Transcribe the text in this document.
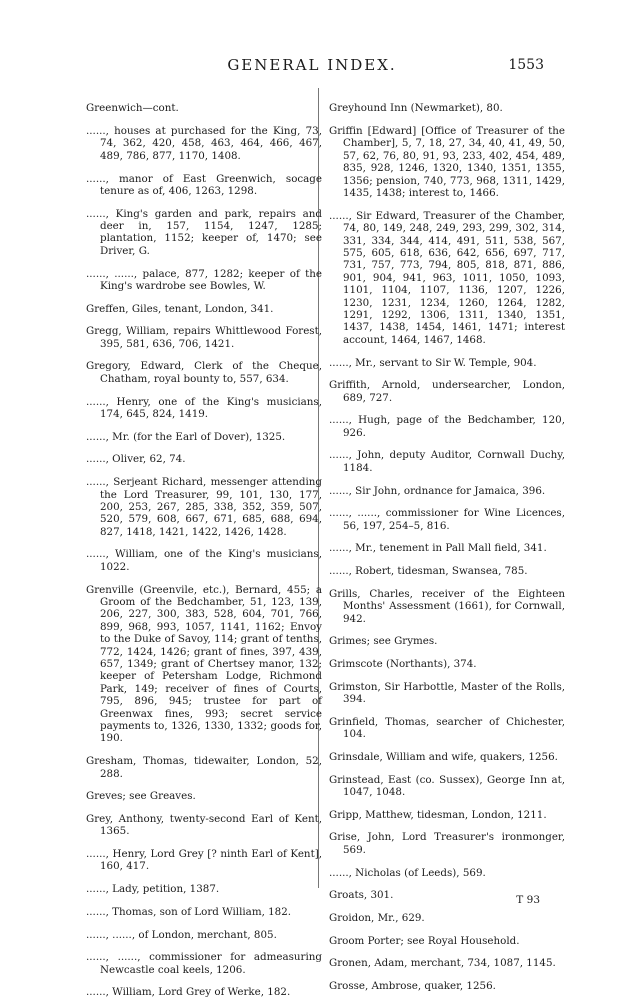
GENERAL INDEX.	1553

Greenwich—cont.

......, houses at purchased for the King, 73, 74, 362, 420, 458, 463, 464, 466, 467, 489, 786, 877, 1170, 1408.

......, manor of East Greenwich, socage tenure as of, 406, 1263, 1298.

......, King's garden and park, repairs and deer in, 157, 1154, 1247, 1285; plantation, 1152; keeper of, 1470; see Driver, G.

......, ......, palace, 877, 1282; keeper of the King's wardrobe see Bowles, W.

Greffen, Giles, tenant, London, 341.

Gregg, William, repairs Whittlewood Forest, 395, 581, 636, 706, 1421.

Gregory, Edward, Clerk of the Cheque, Chatham, royal bounty to, 557, 634.

......, Henry, one of the King's musicians, 174, 645, 824, 1419.

......, Mr. (for the Earl of Dover), 1325.

......, Oliver, 62, 74.

......, Serjeant Richard, messenger attending the Lord Treasurer, 99, 101, 130, 177, 200, 253, 267, 285, 338, 352, 359, 507, 520, 579, 608, 667, 671, 685, 688, 694, 827, 1418, 1421, 1422, 1426, 1428.

......, William, one of the King's musicians, 1022.

Grenville (Greenvile, etc.), Bernard, 455; a Groom of the Bedchamber, 51, 123, 139, 206, 227, 300, 383, 528, 604, 701, 766, 899, 968, 993, 1057, 1141, 1162; Envoy to the Duke of Savoy, 114; grant of tenths, 772, 1424, 1426; grant of fines, 397, 439, 657, 1349; grant of Chertsey manor, 132; keeper of Petersham Lodge, Richmond Park, 149; receiver of fines of Courts, 795, 896, 945; trustee for part of Greenwax fines, 993; secret service payments to, 1326, 1330, 1332; goods for, 190.

Gresham, Thomas, tidewaiter, London, 52, 288.

Greves; see Greaves.

Grey, Anthony, twenty-second Earl of Kent, 1365.

......, Henry, Lord Grey [? ninth Earl of Kent], 160, 417.

......, Lady, petition, 1387.

......, Thomas, son of Lord William, 182.

......, ......, of London, merchant, 805.

......, ......, commissioner for admeasuring Newcastle coal keels, 1206.

......, William, Lord Grey of Werke, 182.

Greyhound Inn (Newmarket), 80.

Griffin [Edward] [Office of Treasurer of the Chamber], 5, 7, 18, 27, 34, 40, 41, 49, 50, 57, 62, 76, 80, 91, 93, 233, 402, 454, 489, 835, 928, 1246, 1320, 1340, 1351, 1355, 1356; pension, 740, 773, 968, 1311, 1429, 1435, 1438; interest to, 1466.

......, Sir Edward, Treasurer of the Chamber, 74, 80, 149, 248, 249, 293, 299, 302, 314, 331, 334, 344, 414, 491, 511, 538, 567, 575, 605, 618, 636, 642, 656, 697, 717, 731, 757, 773, 794, 805, 818, 871, 886, 901, 904, 941, 963, 1011, 1050, 1093, 1101, 1104, 1107, 1136, 1207, 1226, 1230, 1231, 1234, 1260, 1264, 1282, 1291, 1292, 1306, 1311, 1340, 1351, 1437, 1438, 1454, 1461, 1471; interest account, 1464, 1467, 1468.

......, Mr., servant to Sir W. Temple, 904.

Griffith, Arnold, undersearcher, London, 689, 727.

......, Hugh, page of the Bedchamber, 120, 926.

......, John, deputy Auditor, Cornwall Duchy, 1184.

......, Sir John, ordnance for Jamaica, 396.

......, ......, commissioner for Wine Licences, 56, 197, 254–5, 816.

......, Mr., tenement in Pall Mall field, 341.

......, Robert, tidesman, Swansea, 785.

Grills, Charles, receiver of the Eighteen Months' Assessment (1661), for Cornwall, 942.

Grimes; see Grymes.

Grimscote (Northants), 374.

Grimston, Sir Harbottle, Master of the Rolls, 394.

Grinfield, Thomas, searcher of Chichester, 104.

Grinsdale, William and wife, quakers, 1256.

Grinstead, East (co. Sussex), George Inn at, 1047, 1048.

Gripp, Matthew, tidesman, London, 1211.

Grise, John, Lord Treasurer's ironmonger, 569.

......, Nicholas (of Leeds), 569.

Groats, 301.

Groidon, Mr., 629.

Groom Porter; see Royal Household.

Gronen, Adam, merchant, 734, 1087, 1145.

Grosse, Ambrose, quaker, 1256.

T 93
